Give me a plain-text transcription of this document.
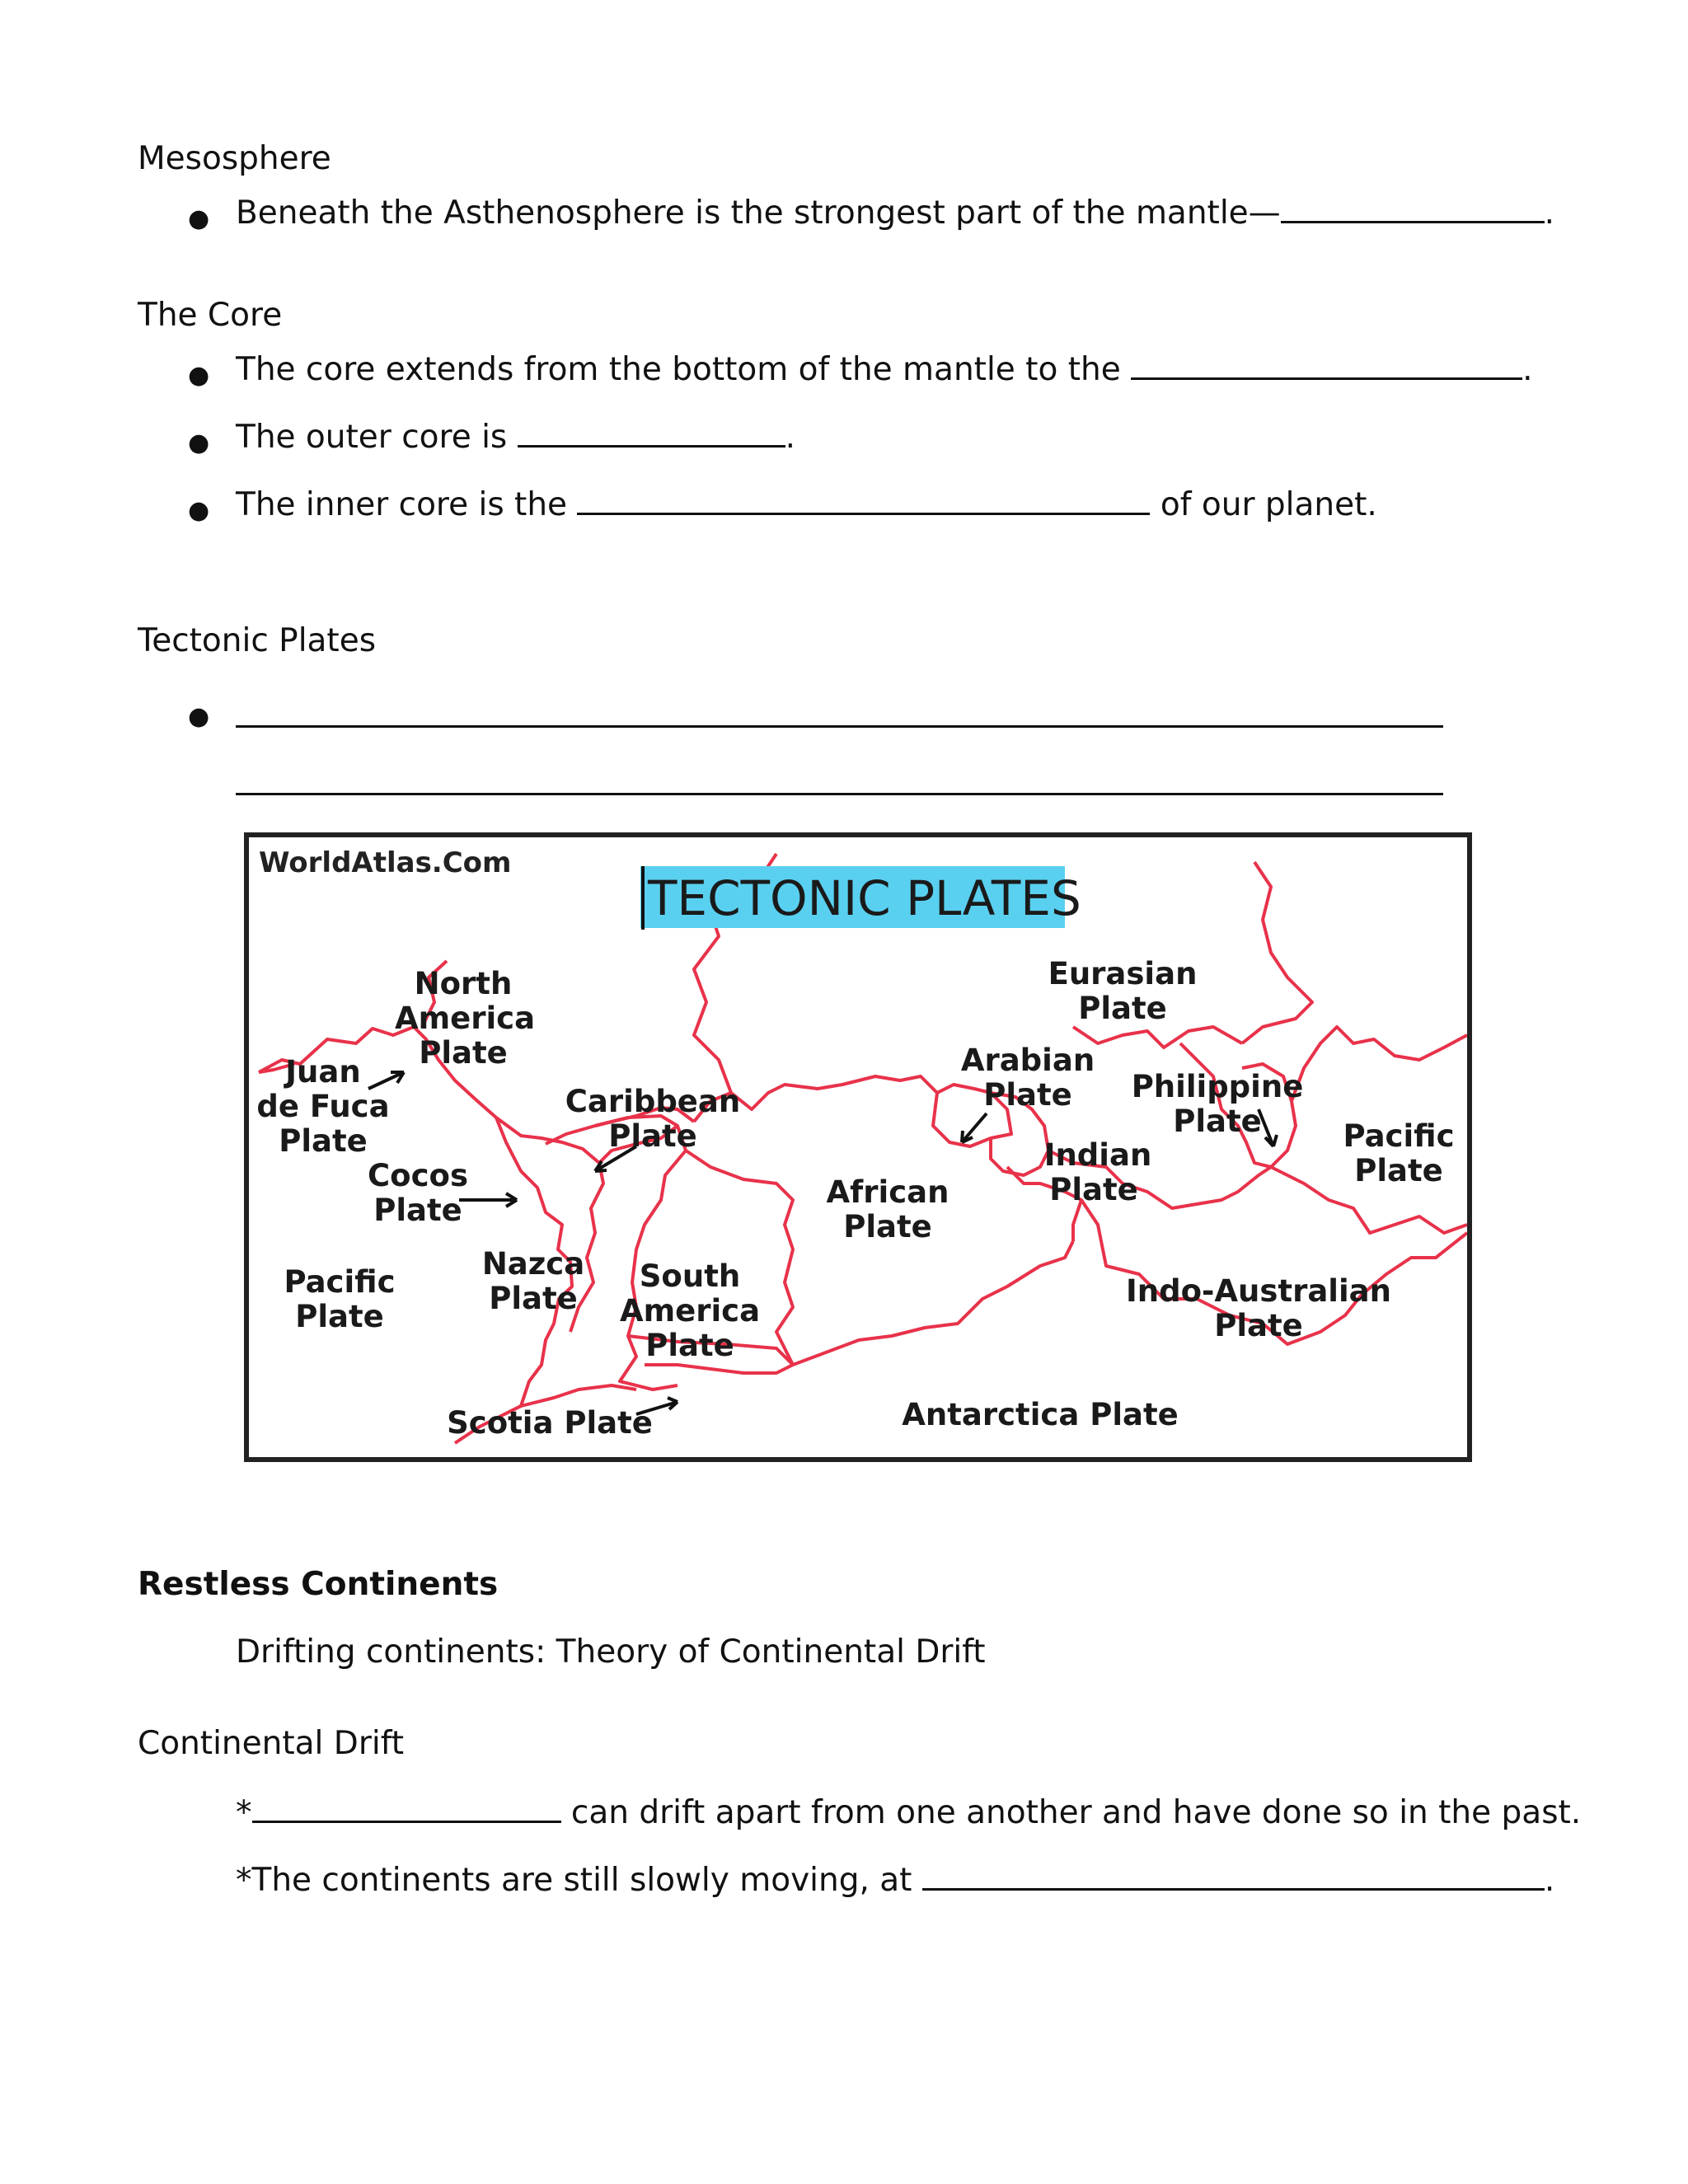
Mesosphere
● Beneath the Asthenosphere is the strongest part of the mantle—	.
The Core
● The core extends from the bottom of the mantle to the	.
● The outer core is	.
● The inner core is the	of our planet.
Tectonic Plates
●
WorldAtlas.Com
TECTONIC PLATES
North
America
Plate
Eurasian
Plate
Juan
de Fuca
Plate
Caribbean
Plate
Arabian
Plate Philippine
Plate	Pacific
Plate
Cocos
Plate
African
Plate
Indian
Plate
Nazca
Plate
South
America
Plate
Pacific
Plate
Indo-Australian
Plate
Scotia Plate	Antarctica Plate
Restless Continents
Drifting continents: Theory of Continental Drift
Continental Drift
*	can drift apart from one another and have done so in the past.
*The continents are still slowly moving, at	.
